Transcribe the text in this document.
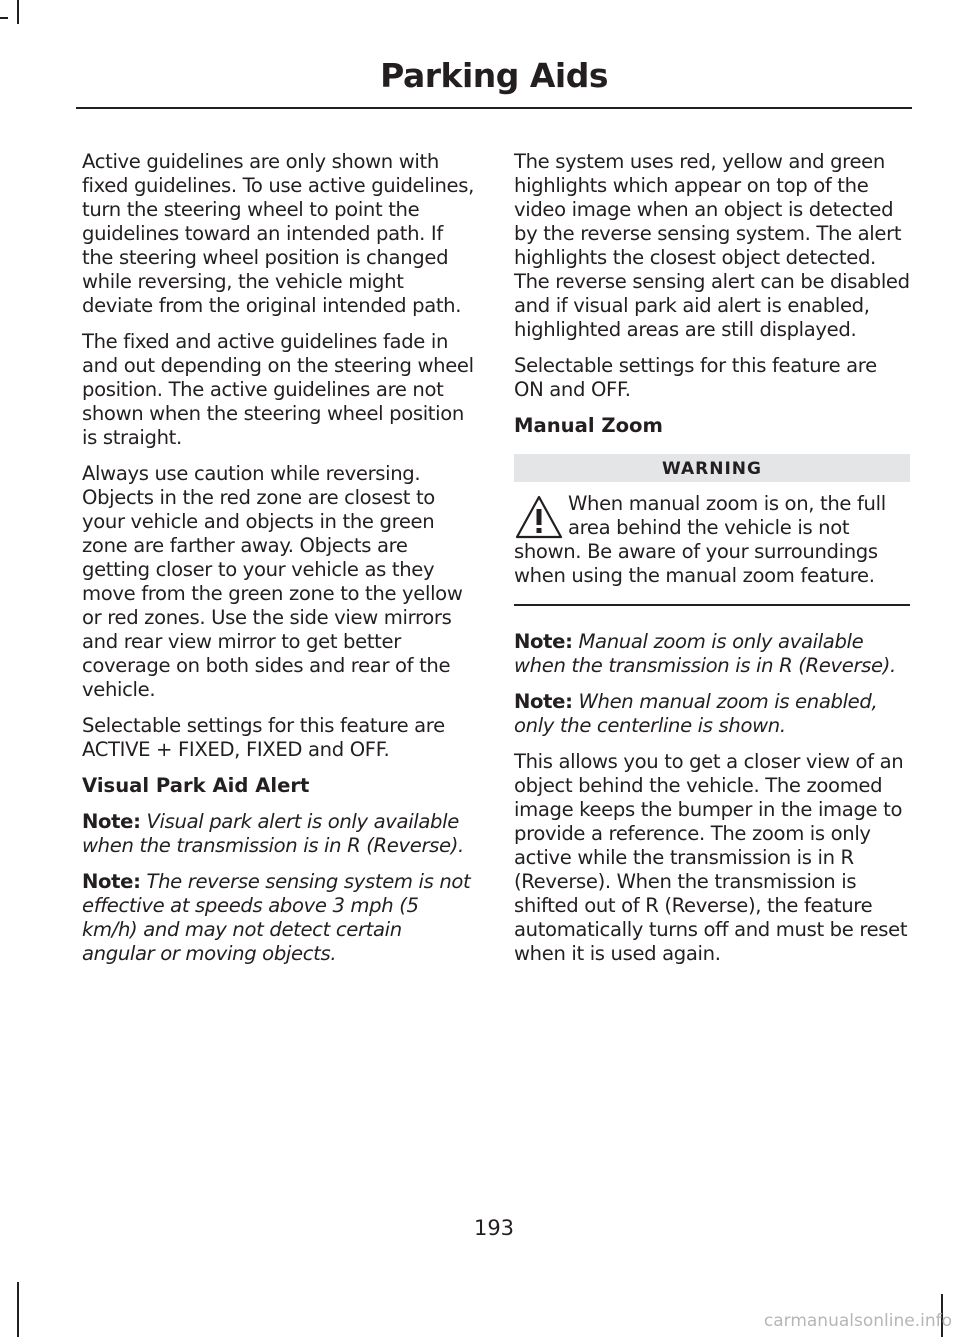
Parking Aids

Active guidelines are only shown with fixed guidelines. To use active guidelines, turn the steering wheel to point the guidelines toward an intended path. If the steering wheel position is changed while reversing, the vehicle might deviate from the original intended path.

The fixed and active guidelines fade in and out depending on the steering wheel position. The active guidelines are not shown when the steering wheel position is straight.

Always use caution while reversing. Objects in the red zone are closest to your vehicle and objects in the green zone are farther away. Objects are getting closer to your vehicle as they move from the green zone to the yellow or red zones. Use the side view mirrors and rear view mirror to get better coverage on both sides and rear of the vehicle.

Selectable settings for this feature are ACTIVE + FIXED, FIXED and OFF.

Visual Park Aid Alert

Note: Visual park alert is only available when the transmission is in R (Reverse).

Note: The reverse sensing system is not effective at speeds above 3 mph (5 km/h) and may not detect certain angular or moving objects.

The system uses red, yellow and green highlights which appear on top of the video image when an object is detected by the reverse sensing system. The alert highlights the closest object detected. The reverse sensing alert can be disabled and if visual park aid alert is enabled, highlighted areas are still displayed.

Selectable settings for this feature are ON and OFF.

Manual Zoom

WARNING
When manual zoom is on, the full area behind the vehicle is not shown. Be aware of your surroundings when using the manual zoom feature.

Note: Manual zoom is only available when the transmission is in R (Reverse).

Note: When manual zoom is enabled, only the centerline is shown.

This allows you to get a closer view of an object behind the vehicle. The zoomed image keeps the bumper in the image to provide a reference. The zoom is only active while the transmission is in R (Reverse). When the transmission is shifted out of R (Reverse), the feature automatically turns off and must be reset when it is used again.

193
carmanualsonline.info
